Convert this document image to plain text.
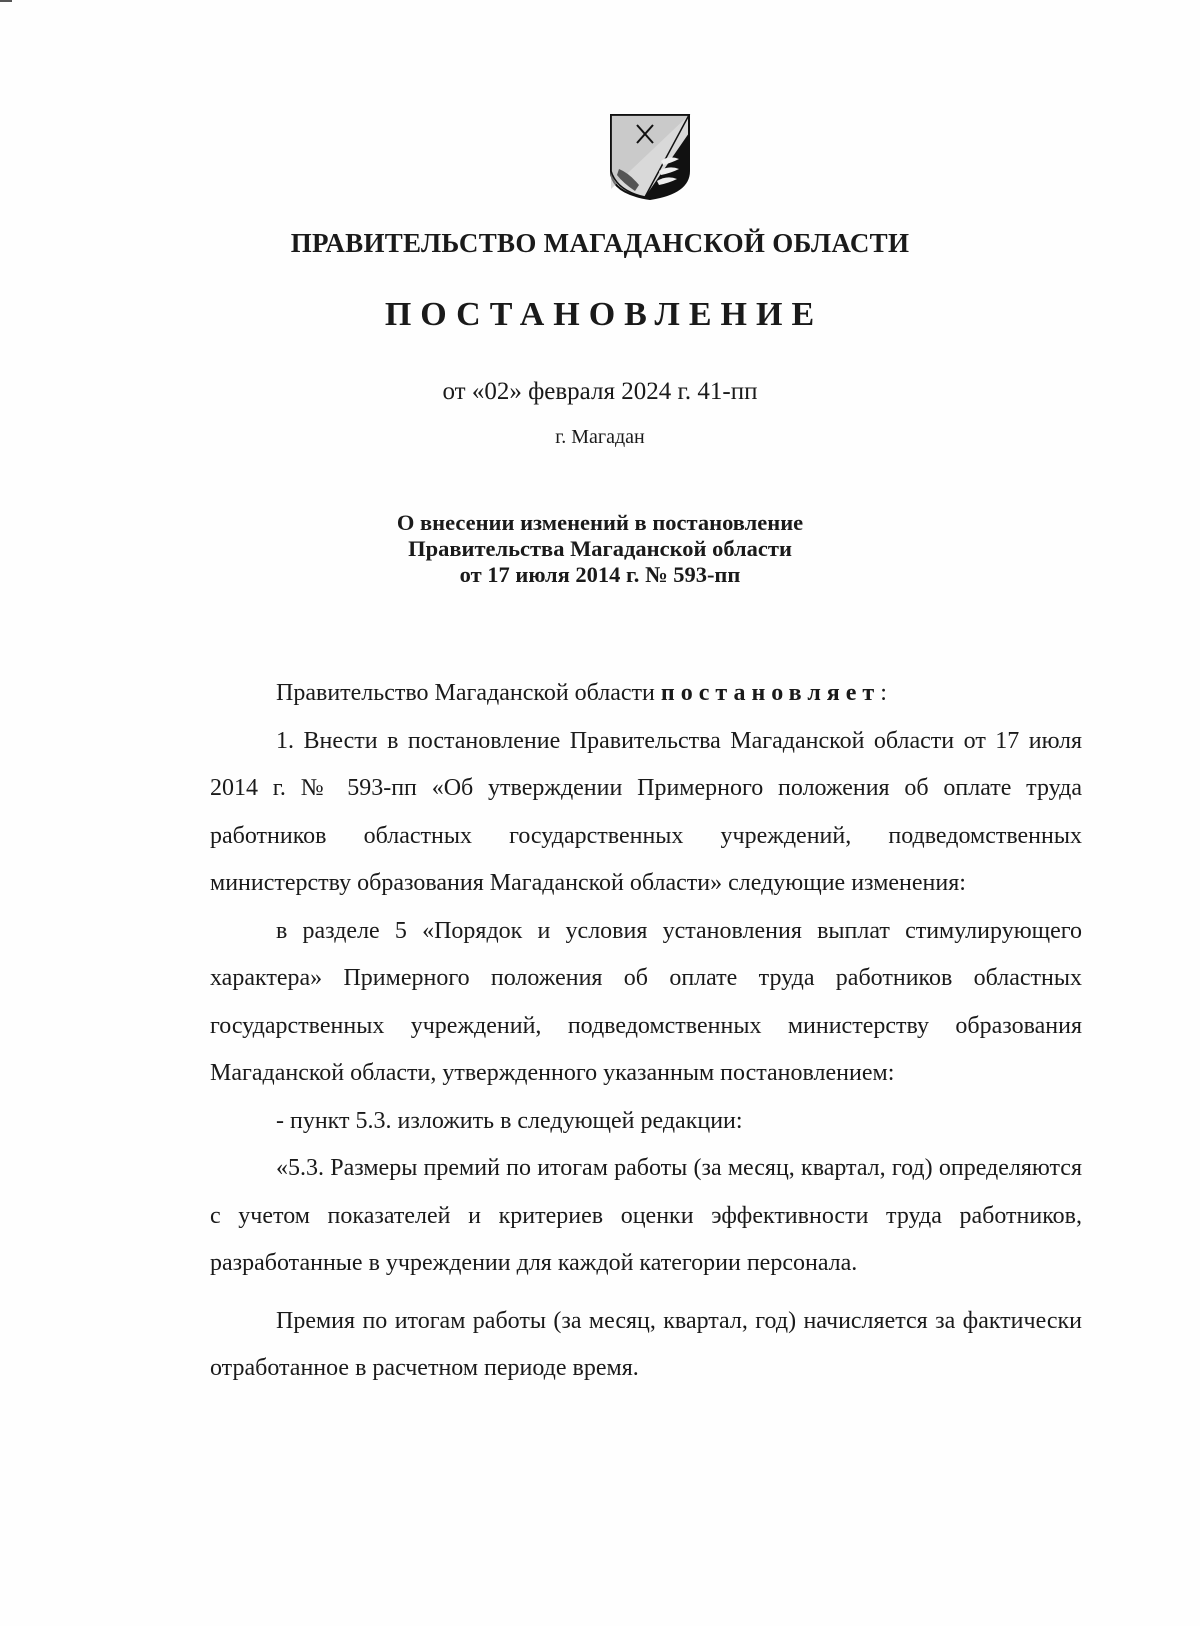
ПРАВИТЕЛЬСТВО МАГАДАНСКОЙ ОБЛАСТИ
ПОСТАНОВЛЕНИЕ
от «02» февраля 2024 г. 41-пп
г. Магадан
О внесении изменений в постановление
Правительства Магаданской области
от 17 июля 2014 г. № 593-пп

Правительство Магаданской области постановляет:

1. Внести в постановление Правительства Магаданской области от 17 июля 2014 г. № 593-пп «Об утверждении Примерного положения об оплате труда работников областных государственных учреждений, подведомственных министерству образования Магаданской области» следующие изменения:

в разделе 5 «Порядок и условия установления выплат стимулирующего характера» Примерного положения об оплате труда работников областных государственных учреждений, подведомственных министерству образования Магаданской области, утвержденного указанным постановлением:

- пункт 5.3. изложить в следующей редакции:

«5.3. Размеры премий по итогам работы (за месяц, квартал, год) определяются с учетом показателей и критериев оценки эффективности труда работников, разработанные в учреждении для каждой категории персонала.

Премия по итогам работы (за месяц, квартал, год) начисляется за фактически отработанное в расчетном периоде время.
